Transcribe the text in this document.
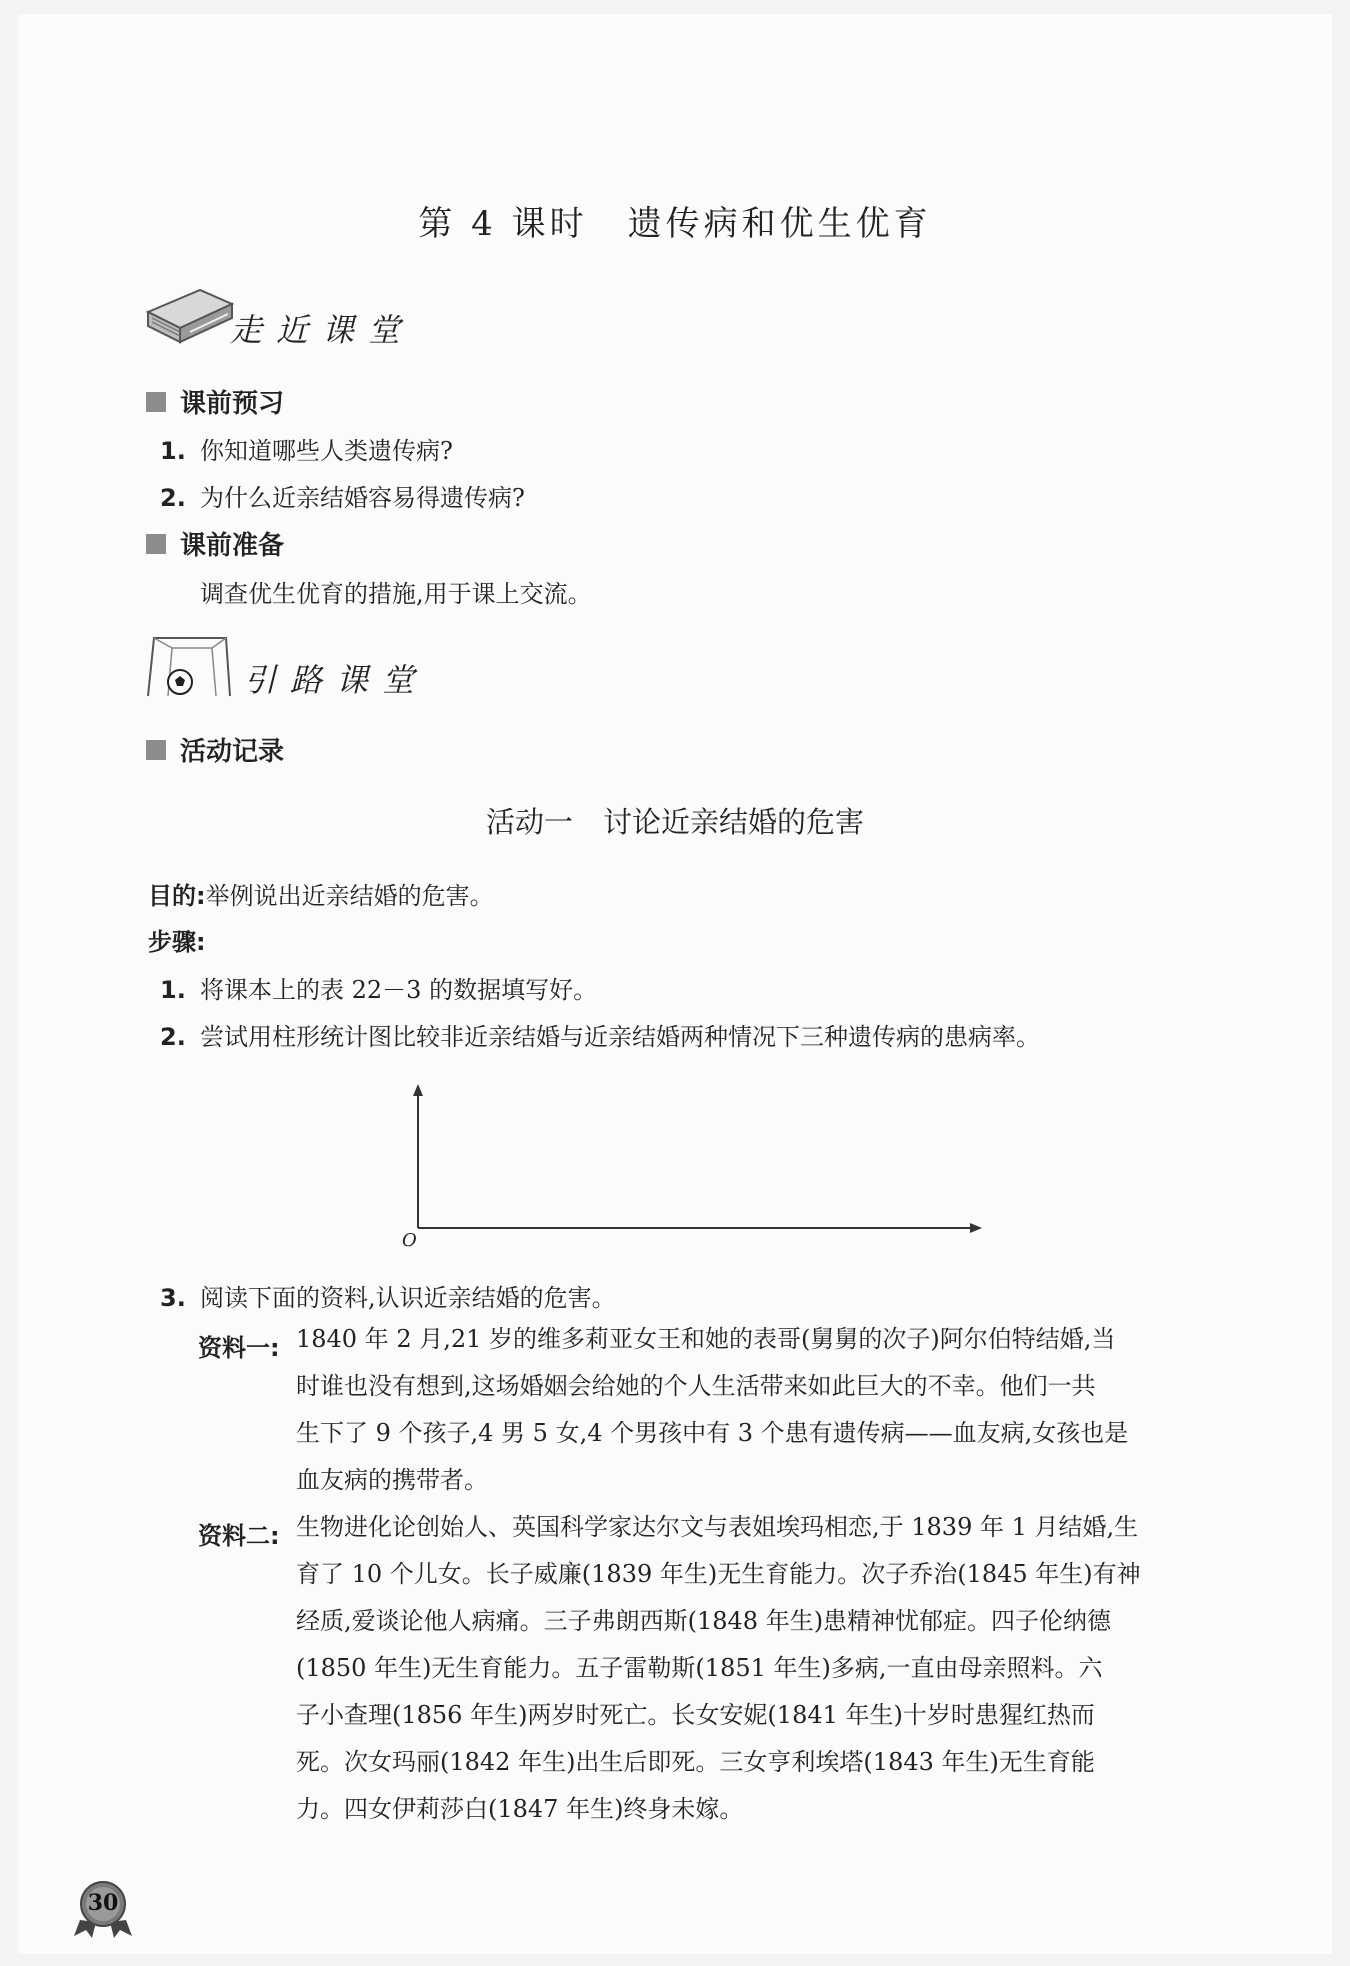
第 4 课时 遗传病和优生优育
走近课堂
课前预习
1. 你知道哪些人类遗传病?
2. 为什么近亲结婚容易得遗传病?
课前准备
调查优生优育的措施,用于课上交流。
引路课堂
活动记录
活动一 讨论近亲结婚的危害
目的:举例说出近亲结婚的危害。
步骤:
1. 将课本上的表 22－3 的数据填写好。
2. 尝试用柱形统计图比较非近亲结婚与近亲结婚两种情况下三种遗传病的患病率。
O
3. 阅读下面的资料,认识近亲结婚的危害。
资料一: 1840 年 2 月,21 岁的维多莉亚女王和她的表哥(舅舅的次子)阿尔伯特结婚,当
时谁也没有想到,这场婚姻会给她的个人生活带来如此巨大的不幸。他们一共
生下了 9 个孩子,4 男 5 女,4 个男孩中有 3 个患有遗传病——血友病,女孩也是
血友病的携带者。
资料二: 生物进化论创始人、英国科学家达尔文与表姐埃玛相恋,于 1839 年 1 月结婚,生
育了 10 个儿女。长子威廉(1839 年生)无生育能力。次子乔治(1845 年生)有神
经质,爱谈论他人病痛。三子弗朗西斯(1848 年生)患精神忧郁症。四子伦纳德
(1850 年生)无生育能力。五子雷勒斯(1851 年生)多病,一直由母亲照料。六
子小查理(1856 年生)两岁时死亡。长女安妮(1841 年生)十岁时患猩红热而
死。次女玛丽(1842 年生)出生后即死。三女亨利埃塔(1843 年生)无生育能
力。四女伊莉莎白(1847 年生)终身未嫁。
30
